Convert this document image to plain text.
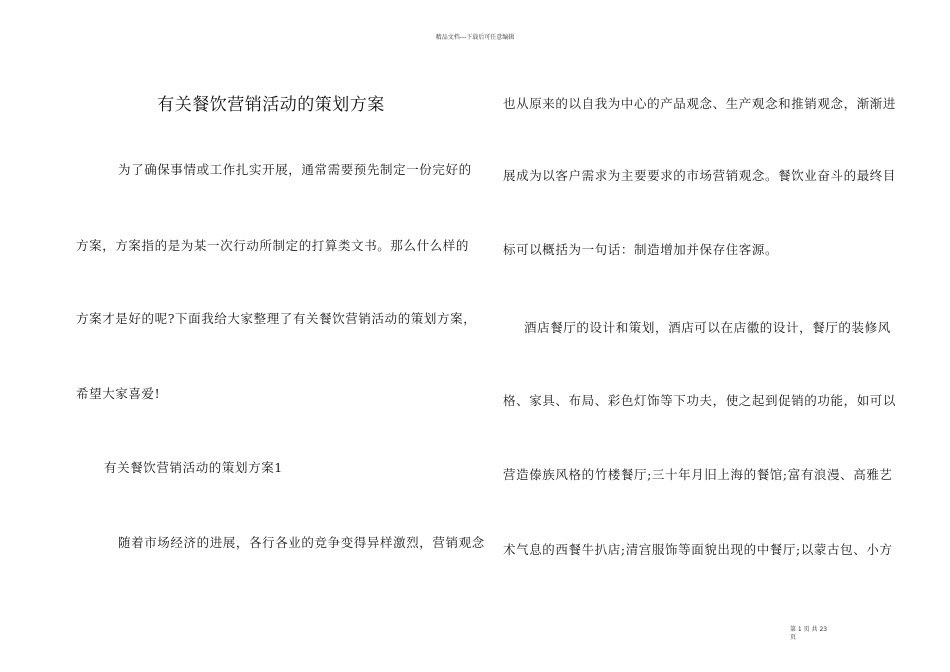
精品文档---下载后可任意编辑
有关餐饮营销活动的策划方案
为了确保事情或工作扎实开展，通常需要预先制定一份完好的
方案，方案指的是为某一次行动所制定的打算类文书。那么什么样的
方案才是好的呢?下面我给大家整理了有关餐饮营销活动的策划方案，
希望大家喜爱!
有关餐饮营销活动的策划方案1
随着市场经济的进展，各行各业的竞争变得异样激烈，营销观念
也从原来的以自我为中心的产品观念、生产观念和推销观念，渐渐进
展成为以客户需求为主要要求的市场营销观念。餐饮业奋斗的最终目
标可以概括为一句话：制造增加并保存住客源。
酒店餐厅的设计和策划，酒店可以在店徽的设计，餐厅的装修风
格、家具、布局、彩色灯饰等下功夫，使之起到促销的功能，如可以
营造傣族风格的竹楼餐厅;三十年月旧上海的餐馆;富有浪漫、高雅艺
术气息的西餐牛扒店;清宫服饰等面貌出现的中餐厅;以蒙古包、小方
第 1 页 共 23 页
